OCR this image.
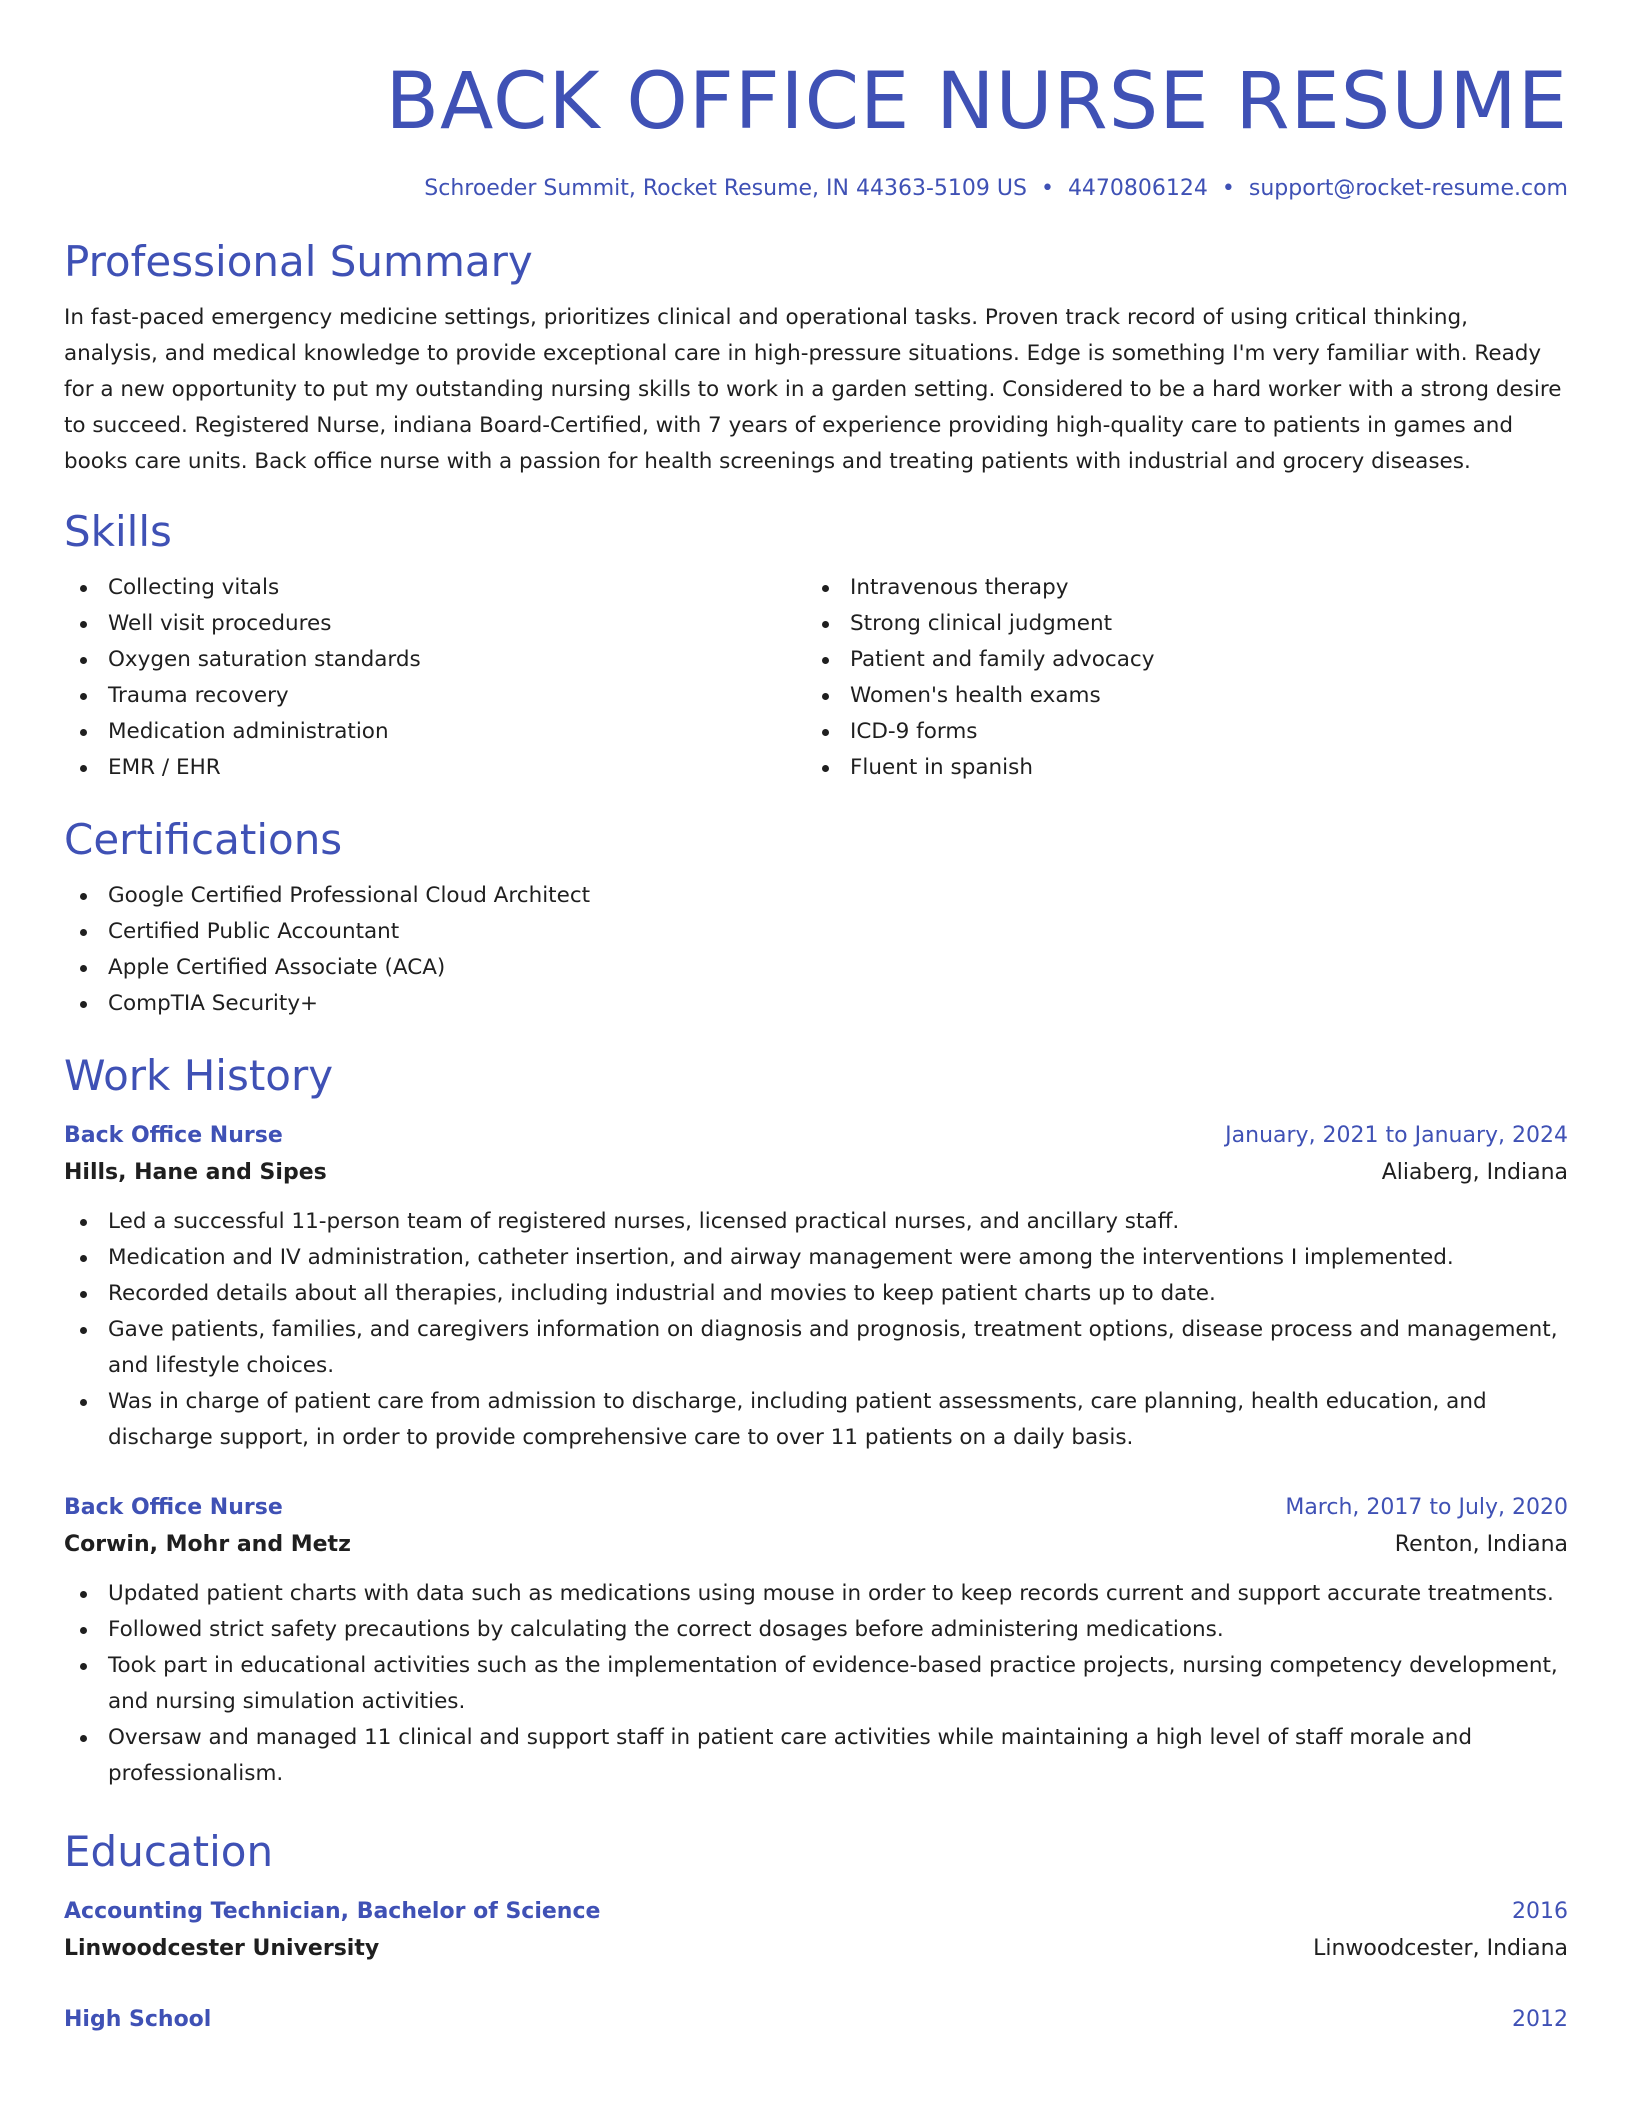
BACK OFFICE NURSE RESUME
Schroeder Summit, Rocket Resume, IN 44363-5109 US • 4470806124 • support@rocket-resume.com
Professional Summary

In fast-paced emergency medicine settings, prioritizes clinical and operational tasks. Proven track record of using critical thinking, analysis, and medical knowledge to provide exceptional care in high-pressure situations. Edge is something I'm very familiar with. Ready for a new opportunity to put my outstanding nursing skills to work in a garden setting. Considered to be a hard worker with a strong desire to succeed. Registered Nurse, indiana Board-Certified, with 7 years of experience providing high-quality care to patients in games and books care units. Back office nurse with a passion for health screenings and treating patients with industrial and grocery diseases.

Skills
Collecting vitals
Well visit procedures
Oxygen saturation standards
Trauma recovery
Medication administration
EMR / EHR
Intravenous therapy
Strong clinical judgment
Patient and family advocacy
Women's health exams
ICD-9 forms
Fluent in spanish
Certifications
Google Certified Professional Cloud Architect
Certified Public Accountant
Apple Certified Associate (ACA)
CompTIA Security+
Work History
Back Office Nurse	January, 2021 to January, 2024
Hills, Hane and Sipes	Aliaberg, Indiana
Led a successful 11-person team of registered nurses, licensed practical nurses, and ancillary staff.
Medication and IV administration, catheter insertion, and airway management were among the interventions I implemented.
Recorded details about all therapies, including industrial and movies to keep patient charts up to date.
Gave patients, families, and caregivers information on diagnosis and prognosis, treatment options, disease process and management, and lifestyle choices.
Was in charge of patient care from admission to discharge, including patient assessments, care planning, health education, and discharge support, in order to provide comprehensive care to over 11 patients on a daily basis.
Back Office Nurse	March, 2017 to July, 2020
Corwin, Mohr and Metz	Renton, Indiana
Updated patient charts with data such as medications using mouse in order to keep records current and support accurate treatments.
Followed strict safety precautions by calculating the correct dosages before administering medications.
Took part in educational activities such as the implementation of evidence-based practice projects, nursing competency development, and nursing simulation activities.
Oversaw and managed 11 clinical and support staff in patient care activities while maintaining a high level of staff morale and professionalism.
Education
Accounting Technician, Bachelor of Science	2016
Linwoodcester University	Linwoodcester, Indiana
High School	2012
